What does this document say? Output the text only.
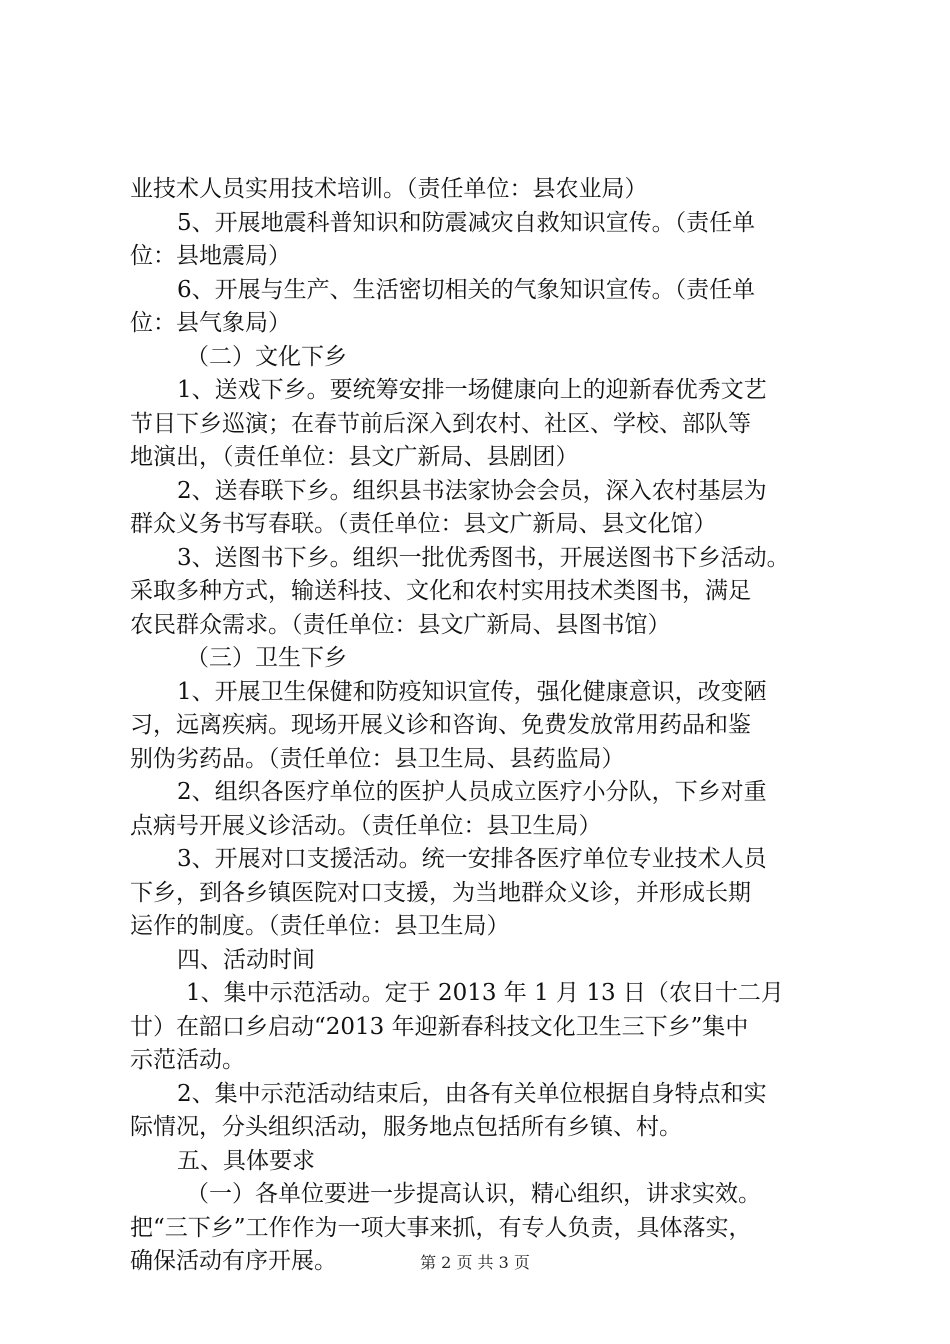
业技术人员实用技术培训。（责任单位：县农业局）
5、开展地震科普知识和防震减灾自救知识宣传。（责任单
位：县地震局）
6、开展与生产、生活密切相关的气象知识宣传。（责任单
位：县气象局）
（二）文化下乡
1、送戏下乡。要统筹安排一场健康向上的迎新春优秀文艺
节目下乡巡演；在春节前后深入到农村、社区、学校、部队等
地演出，（责任单位：县文广新局、县剧团）
2、送春联下乡。组织县书法家协会会员，深入农村基层为
群众义务书写春联。（责任单位：县文广新局、县文化馆）
3、送图书下乡。组织一批优秀图书，开展送图书下乡活动。
采取多种方式，输送科技、文化和农村实用技术类图书，满足
农民群众需求。（责任单位：县文广新局、县图书馆）
（三）卫生下乡
1、开展卫生保健和防疫知识宣传，强化健康意识，改变陋
习，远离疾病。现场开展义诊和咨询、免费发放常用药品和鉴
别伪劣药品。（责任单位：县卫生局、县药监局）
2、组织各医疗单位的医护人员成立医疗小分队，下乡对重
点病号开展义诊活动。（责任单位：县卫生局）
3、开展对口支援活动。统一安排各医疗单位专业技术人员
下乡，到各乡镇医院对口支援，为当地群众义诊，并形成长期
运作的制度。（责任单位：县卫生局）
四、活动时间
1、集中示范活动。定于 2013 年 1 月 13 日（农日十二月
廿）在韶口乡启动“2013 年迎新春科技文化卫生三下乡”集中
示范活动。
2、集中示范活动结束后，由各有关单位根据自身特点和实
际情况，分头组织活动，服务地点包括所有乡镇、村。
五、具体要求
（一）各单位要进一步提高认识，精心组织，讲求实效。
把“三下乡”工作作为一项大事来抓，有专人负责，具体落实，
确保活动有序开展。	第 2 页 共 3 页
